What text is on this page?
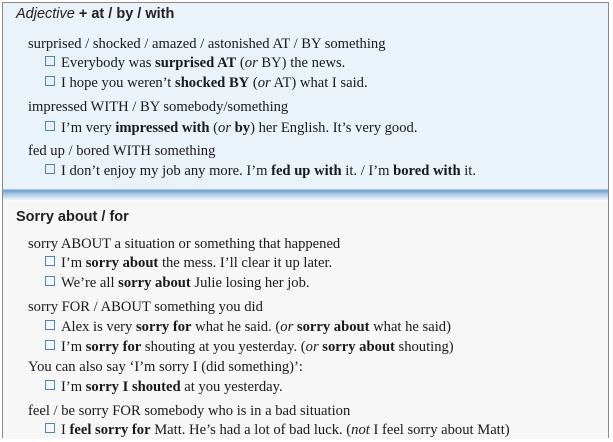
Adjective + at / by / with
surprised / shocked / amazed / astonished AT / BY something
Everybody was surprised AT (or BY) the news.
I hope you weren’t shocked BY (or AT) what I said.
impressed WITH / BY somebody/something
I’m very impressed with (or by) her English. It’s very good.
fed up / bored WITH something
I don’t enjoy my job any more. I’m fed up with it. / I’m bored with it.
Sorry about / for
sorry ABOUT a situation or something that happened
I’m sorry about the mess. I’ll clear it up later.
We’re all sorry about Julie losing her job.
sorry FOR / ABOUT something you did
Alex is very sorry for what he said. (or sorry about what he said)
I’m sorry for shouting at you yesterday. (or sorry about shouting)
You can also say ‘I’m sorry I (did something)’:
I’m sorry I shouted at you yesterday.
feel / be sorry FOR somebody who is in a bad situation
I feel sorry for Matt. He’s had a lot of bad luck. (not I feel sorry about Matt)
